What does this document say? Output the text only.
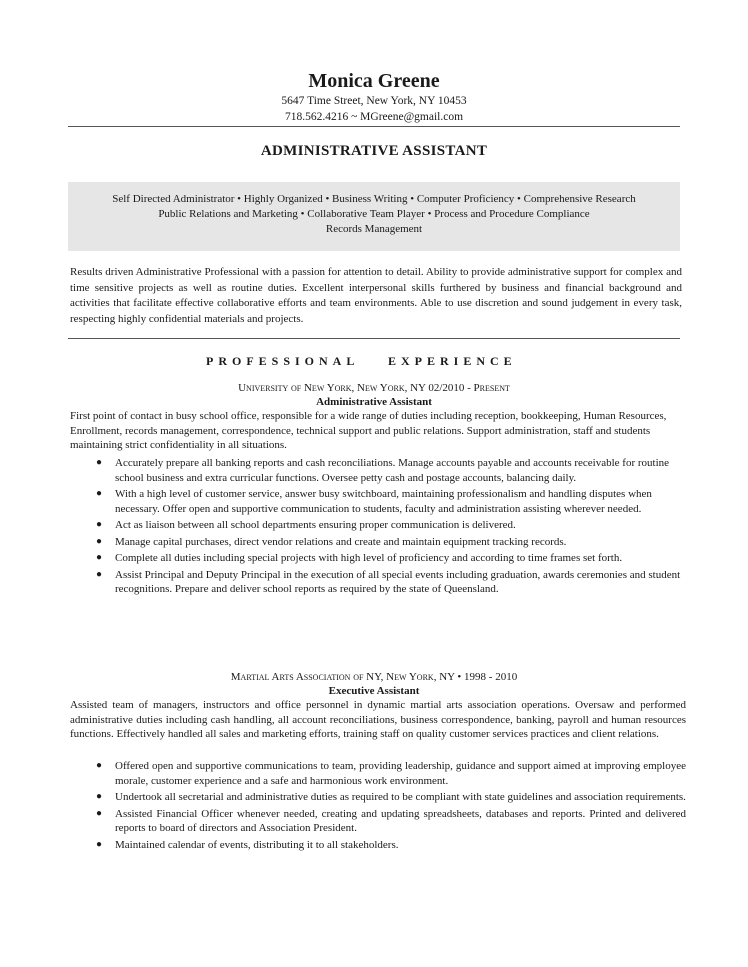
Monica Greene
5647 Time Street, New York, NY 10453
718.562.4216 ~ MGreene@gmail.com
ADMINISTRATIVE ASSISTANT
Self Directed Administrator • Highly Organized • Business Writing • Computer Proficiency • Comprehensive Research
Public Relations and Marketing • Collaborative Team Player • Process and Procedure Compliance
Records Management
Results driven Administrative Professional with a passion for attention to detail. Ability to provide administrative support for complex and time sensitive projects as well as routine duties. Excellent interpersonal skills furthered by business and financial background and activities that facilitate effective collaborative efforts and team environments. Able to use discretion and sound judgement in every task, respecting highly confidential materials and projects.
PROFESSIONAL EXPERIENCE
University of New York, New York, NY 02/2010 - Present
Administrative Assistant
First point of contact in busy school office, responsible for a wide range of duties including reception, bookkeeping, Human Resources, Enrollment, records management, correspondence, technical support and public relations. Support administration, staff and students maintaining strict confidentiality in all situations.
● Accurately prepare all banking reports and cash reconciliations. Manage accounts payable and accounts receivable for routine school business and extra curricular functions. Oversee petty cash and postage accounts, balancing daily.
● With a high level of customer service, answer busy switchboard, maintaining professionalism and handling disputes when necessary. Offer open and supportive communication to students, faculty and administration assisting wherever needed.
● Act as liaison between all school departments ensuring proper communication is delivered.
● Manage capital purchases, direct vendor relations and create and maintain equipment tracking records.
● Complete all duties including special projects with high level of proficiency and according to time frames set forth.
● Assist Principal and Deputy Principal in the execution of all special events including graduation, awards ceremonies and student recognitions. Prepare and deliver school reports as required by the state of Queensland.
Martial Arts Association of NY, New York, NY • 1998 - 2010
Executive Assistant
Assisted team of managers, instructors and office personnel in dynamic martial arts association operations. Oversaw and performed administrative duties including cash handling, all account reconciliations, business correspondence, banking, payroll and human resources functions. Effectively handled all sales and marketing efforts, training staff on quality customer services practices and client relations.
● Offered open and supportive communications to team, providing leadership, guidance and support aimed at improving employee morale, customer experience and a safe and harmonious work environment.
● Undertook all secretarial and administrative duties as required to be compliant with state guidelines and association requirements.
● Assisted Financial Officer whenever needed, creating and updating spreadsheets, databases and reports. Printed and delivered reports to board of directors and Association President.
● Maintained calendar of events, distributing it to all stakeholders.
